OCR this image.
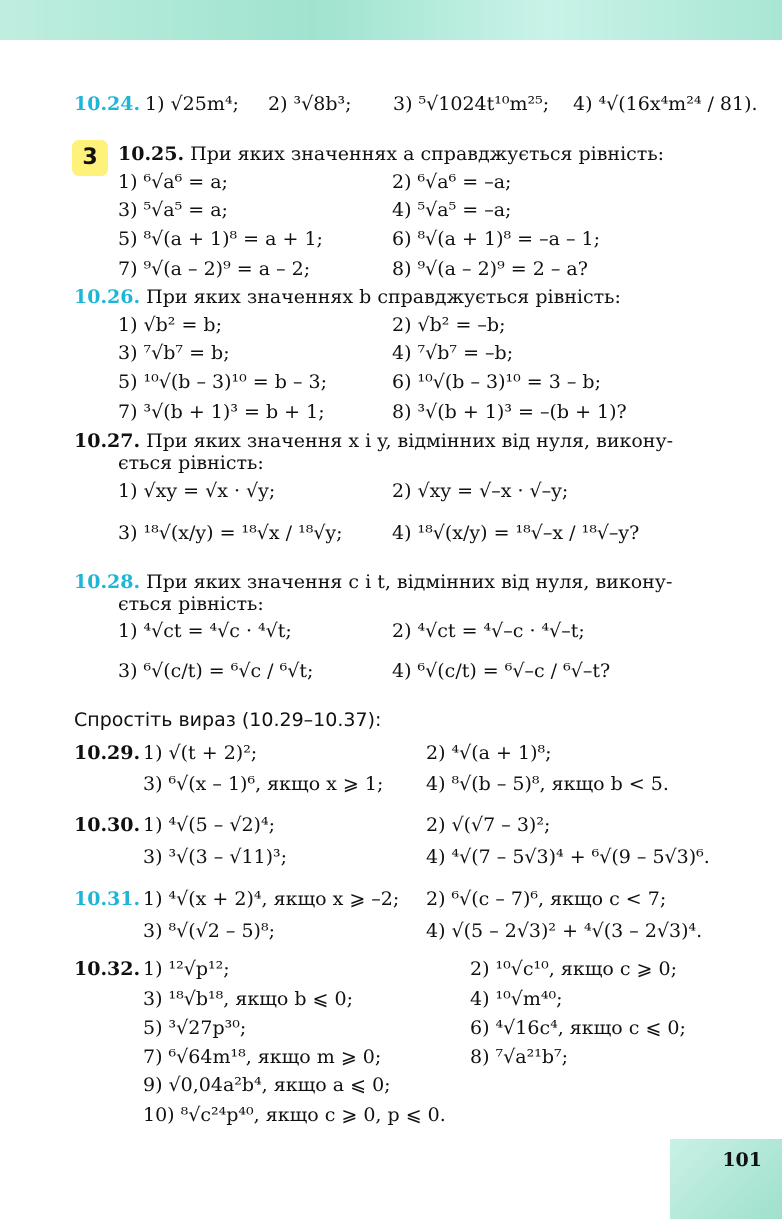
10.24. 1) √25m⁴; 2) ³√8b³; 3) ⁵√1024t¹⁰m²⁵; 4) ⁴√(16x⁴m²⁴ / 81).
3	10.25. При яких значеннях a справджується рівність:
1) ⁶√a⁶ = a;	2) ⁶√a⁶ = –a;
3) ⁵√a⁵ = a;	4) ⁵√a⁵ = –a;
5) ⁸√(a + 1)⁸ = a + 1;	6) ⁸√(a + 1)⁸ = –a – 1;
7) ⁹√(a – 2)⁹ = a – 2;	8) ⁹√(a – 2)⁹ = 2 – a?
10.26. При яких значеннях b справджується рівність:
1) √b² = b;	2) √b² = –b;
3) ⁷√b⁷ = b;	4) ⁷√b⁷ = –b;
5) ¹⁰√(b – 3)¹⁰ = b – 3;	6) ¹⁰√(b – 3)¹⁰ = 3 – b;
7) ³√(b + 1)³ = b + 1;	8) ³√(b + 1)³ = –(b + 1)?
10.27. При яких значення x і y, відмінних від нуля, викону-
ється рівність:
1) √xy = √x · √y;	2) √xy = √–x · √–y;
3) ¹⁸√(x/y) = ¹⁸√x / ¹⁸√y;	4) ¹⁸√(x/y) = ¹⁸√–x / ¹⁸√–y?
10.28. При яких значення c і t, відмінних від нуля, викону-
ється рівність:
1) ⁴√ct = ⁴√c · ⁴√t;	2) ⁴√ct = ⁴√–c · ⁴√–t;
3) ⁶√(c/t) = ⁶√c / ⁶√t;	4) ⁶√(c/t) = ⁶√–c / ⁶√–t?
Спростіть вираз (10.29–10.37):
10.29. 1) √(t + 2)²;	2) ⁴√(a + 1)⁸;
3) ⁶√(x – 1)⁶, якщо x ⩾ 1; 4) ⁸√(b – 5)⁸, якщо b < 5.
10.30. 1) ⁴√(5 – √2)⁴;	2) √(√7 – 3)²;
3) ³√(3 – √11)³;	4) ⁴√(7 – 5√3)⁴ + ⁶√(9 – 5√3)⁶.
10.31. 1) ⁴√(x + 2)⁴, якщо x ⩾ –2; 2) ⁶√(c – 7)⁶, якщо c < 7;
3) ⁸√(√2 – 5)⁸;	4) √(5 – 2√3)² + ⁴√(3 – 2√3)⁴.
10.32. 1) ¹²√p¹²;	2) ¹⁰√c¹⁰, якщо c ⩾ 0;
3) ¹⁸√b¹⁸, якщо b ⩽ 0;	4) ¹⁰√m⁴⁰;
5) ³√27p³⁰;	6) ⁴√16c⁴, якщо c ⩽ 0;
7) ⁶√64m¹⁸, якщо m ⩾ 0;	8) ⁷√a²¹b⁷;
9) √0,04a²b⁴, якщо a ⩽ 0;
10) ⁸√c²⁴p⁴⁰, якщо c ⩾ 0, p ⩽ 0.
101
